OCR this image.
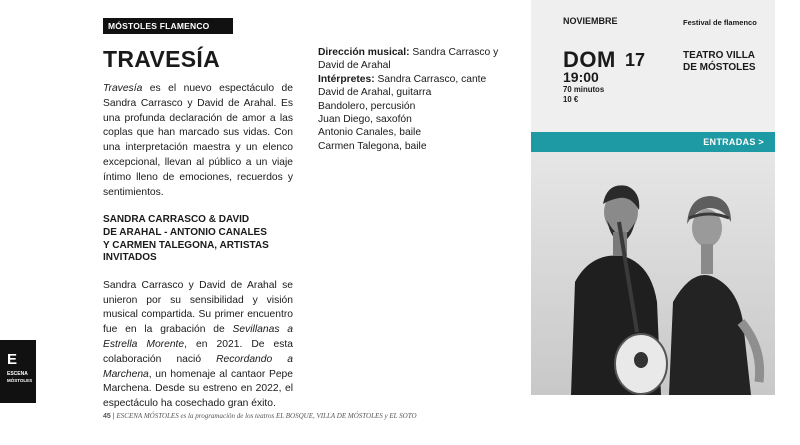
MÓSTOLES FLAMENCO
TRAVESÍA

Travesía es el nuevo espectáculo de Sandra Carrasco y David de Arahal. Es una profunda declaración de amor a las coplas que han marcado sus vidas. Con una interpretación maestra y un elenco excepcional, llevan al público a un viaje íntimo lleno de emociones, recuerdos y sentimientos.

SANDRA CARRASCO & DAVID
DE ARAHAL - ANTONIO CANALES
Y CARMEN TALEGONA, ARTISTAS
INVITADOS

Sandra Carrasco y David de Arahal se unieron por su sensibilidad y visión musical compartida. Su primer encuentro fue en la grabación de Sevillanas a Estrella Morente, en 2021. De esta colaboración nació Recordando a Marchena, un homenaje al cantaor Pepe Marchena. Desde su estreno en 2022, el espectáculo ha cosechado gran éxito.

Dirección musical: Sandra Carrasco y David de Arahal
Intérpretes: Sandra Carrasco, cante
David de Arahal, guitarra
Bandolero, percusión
Juan Diego, saxofón
Antonio Canales, baile
Carmen Talegona, baile
NOVIEMBRE	Festival de flamenco
DOM 17
19:00
70 minutos
10 €
TEATRO VILLA
DE MÓSTOLES
ENTRADAS >
E
ESCENA
MÓSTOLES
45 | ESCENA MÓSTOLES es la programación de los teatros EL BOSQUE, VILLA DE MÓSTOLES y EL SOTO
